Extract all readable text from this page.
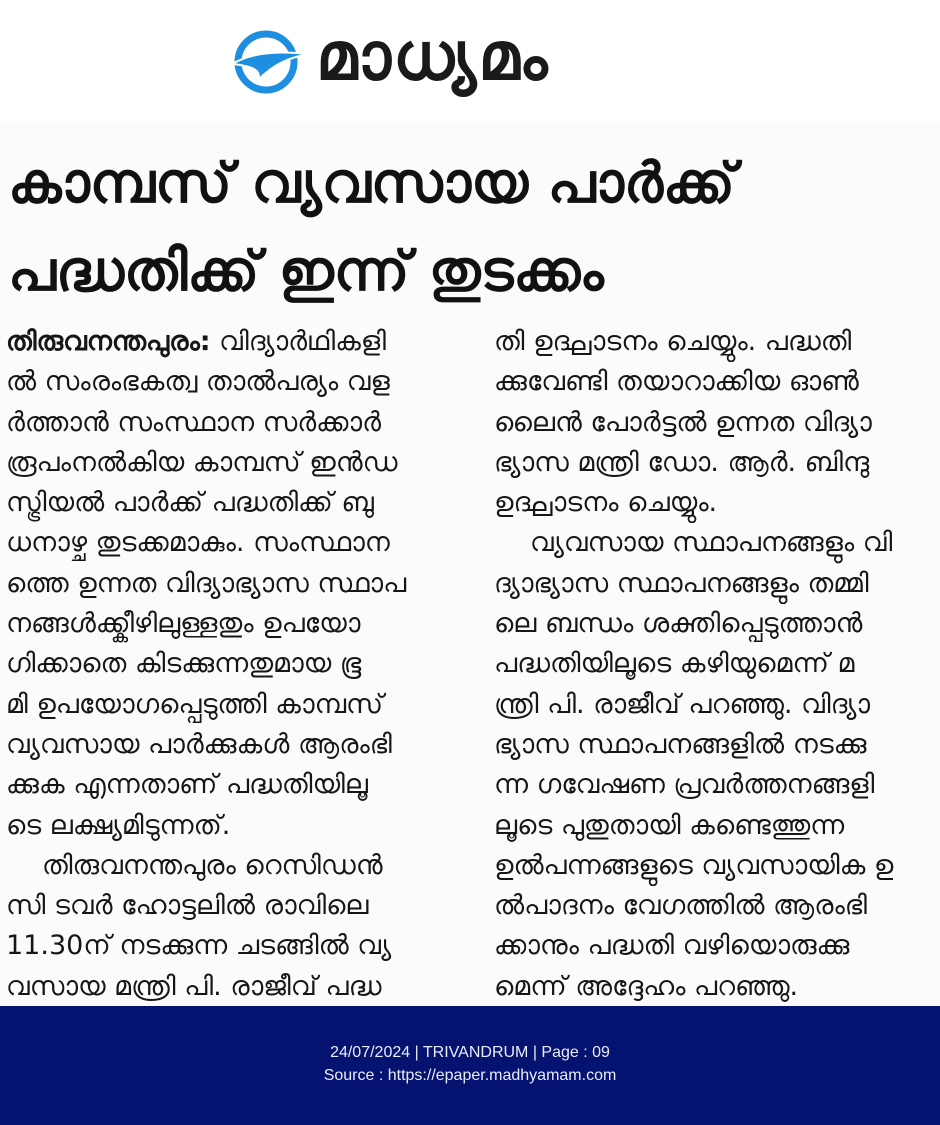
മാധ്യമം
കാമ്പസ് വ്യവസായ പാർക്ക്
പദ്ധതിക്ക് ഇന്ന് തുടക്കം
തിരുവനന്തപുരം: വിദ്യാർഥികളി
ൽ സംരംഭകത്വ താൽപര്യം വള
ർത്താൻ സംസ്ഥാന സർക്കാർ
രൂപംനൽകിയ കാമ്പസ് ഇൻഡ
സ്ട്രിയൽ പാർക്ക് പദ്ധതിക്ക് ബു
ധനാഴ്ച തുടക്കമാകും. സംസ്ഥാന
ത്തെ ഉന്നത വിദ്യാഭ്യാസ സ്ഥാപ
നങ്ങൾക്ക്കീഴിലുള്ളതും ഉപയോ
ഗിക്കാതെ കിടക്കുന്നതുമായ ഭൂ
മി ഉപയോഗപ്പെടുത്തി കാമ്പസ്
വ്യവസായ പാർക്കുകൾ ആരംഭി
ക്കുക എന്നതാണ് പദ്ധതിയിലൂ
ടെ ലക്ഷ്യമിടുന്നത്.
തിരുവനന്തപുരം റെസിഡൻ
സി ടവർ ഹോട്ടലിൽ രാവിലെ
11.30ന് നടക്കുന്ന ചടങ്ങിൽ വ്യ
വസായ മന്ത്രി പി. രാജീവ് പദ്ധ
തി ഉദ്ഘാടനം ചെയ്യും. പദ്ധതി
ക്കുവേണ്ടി തയാറാക്കിയ ഓൺ
ലൈൻ പോർട്ടൽ ഉന്നത വിദ്യാ
ഭ്യാസ മന്ത്രി ഡോ. ആർ. ബിന്ദു
ഉദ്ഘാടനം ചെയ്യും.
വ്യവസായ സ്ഥാപനങ്ങളും വി
ദ്യാഭ്യാസ സ്ഥാപനങ്ങളും തമ്മി
ലെ ബന്ധം ശക്തിപ്പെടുത്താൻ
പദ്ധതിയിലൂടെ കഴിയുമെന്ന് മ
ന്ത്രി പി. രാജീവ് പറഞ്ഞു. വിദ്യാ
ഭ്യാസ സ്ഥാപനങ്ങളിൽ നടക്കു
ന്ന ഗവേഷണ പ്രവർത്തനങ്ങളി
ലൂടെ പുതുതായി കണ്ടെത്തുന്ന
ഉൽപന്നങ്ങളുടെ വ്യവസായിക ഉ
ൽപാദനം വേഗത്തിൽ ആരംഭി
ക്കാനും പദ്ധതി വഴിയൊരുക്കു
മെന്ന് അദ്ദേഹം പറഞ്ഞു.
24/07/2024 | TRIVANDRUM | Page : 09
Source : https://epaper.madhyamam.com
